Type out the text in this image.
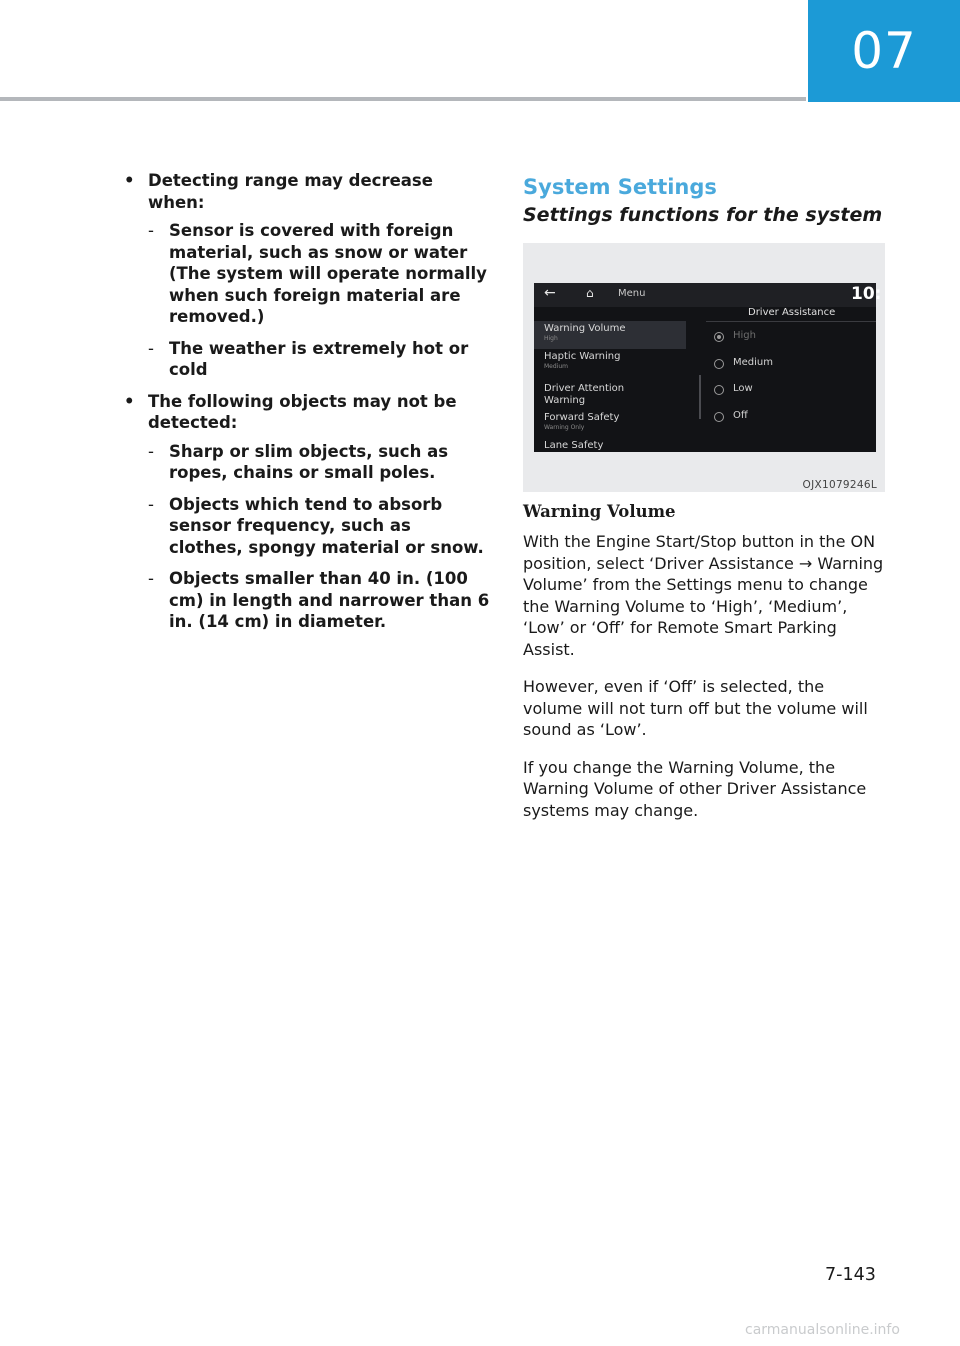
07
• Detecting range may decrease when:
- Sensor is covered with foreign material, such as snow or water (The system will operate normally when such foreign material are removed.)
- The weather is extremely hot or cold
• The following objects may not be detected:
- Sharp or slim objects, such as ropes, chains or small poles.
- Objects which tend to absorb sensor frequency, such as clothes, spongy material or snow.
- Objects smaller than 40 in. (100 cm) in length and narrower than 6 in. (14 cm) in diameter.
System Settings
Settings functions for the system
←	⌂ Menu	10:
Driver Assistance
Warning Volume
High
Haptic Warning
Medium
Driver Attention Warning
Forward Safety
Warning Only
Lane Safety
High
Medium
Low
Off
OJX1079246L
Warning Volume

With the Engine Start/Stop button in the ON position, select ‘Driver Assistance → Warning Volume’ from the Settings menu to change the Warning Volume to ‘High’, ‘Medium’, ‘Low’ or ‘Off’ for Remote Smart Parking Assist.

However, even if ‘Off’ is selected, the volume will not turn off but the volume will sound as ‘Low’.

If you change the Warning Volume, the Warning Volume of other Driver Assistance systems may change.

7-143
carmanualsonline.info
